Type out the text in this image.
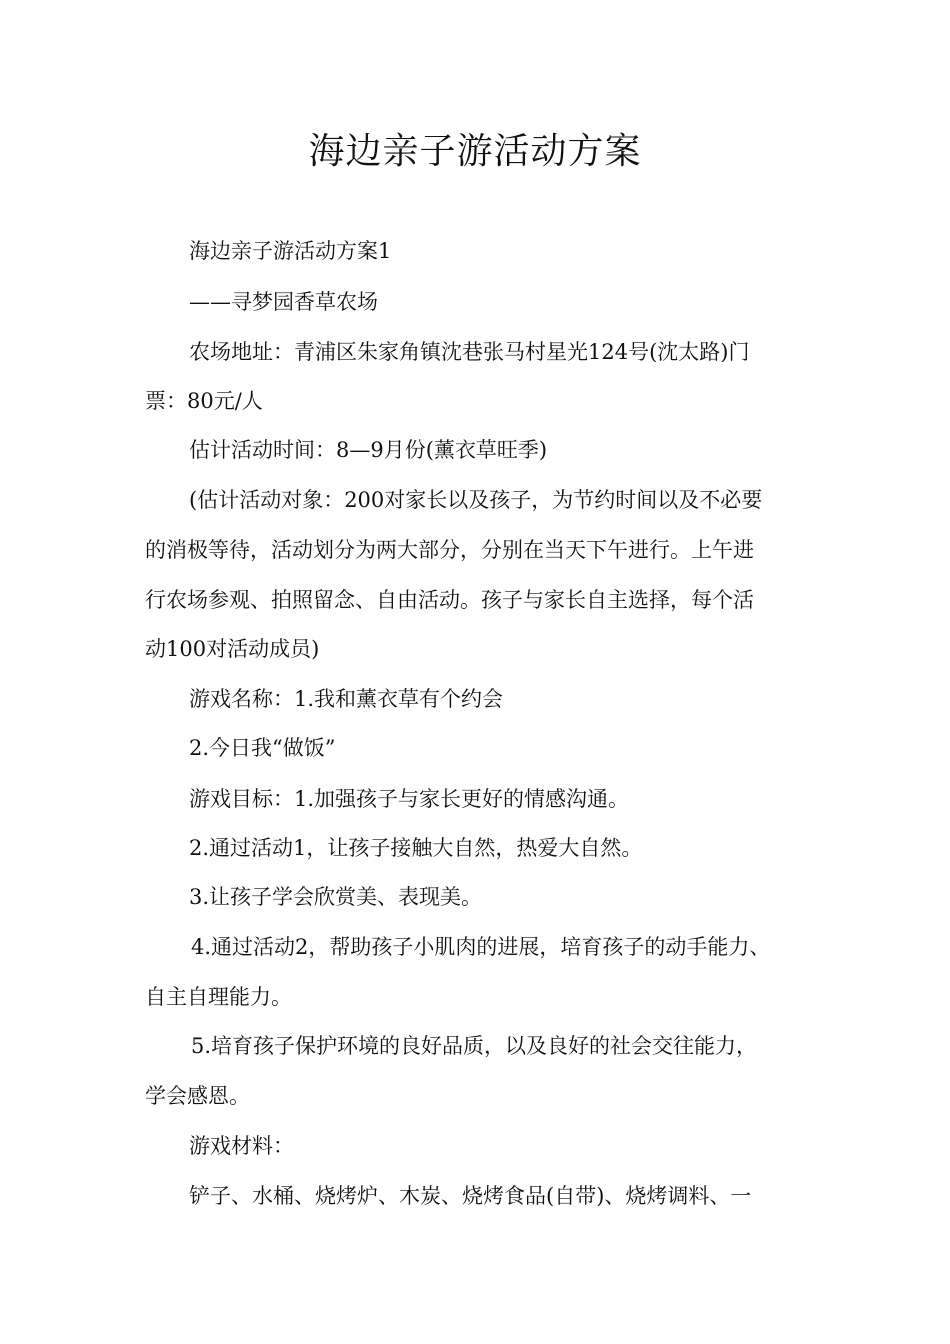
海边亲子游活动方案

海边亲子游活动方案1

——寻梦园香草农场

农场地址：青浦区朱家角镇沈巷张马村星光124号(沈太路)门

票：80元/人

估计活动时间：8—9月份(薰衣草旺季)

(估计活动对象：200对家长以及孩子，为节约时间以及不必要

的消极等待，活动划分为两大部分，分别在当天下午进行。上午进

行农场参观、拍照留念、自由活动。孩子与家长自主选择，每个活

动100对活动成员)

游戏名称：1.我和薰衣草有个约会

2.今日我“做饭”

游戏目标：1.加强孩子与家长更好的情感沟通。

2.通过活动1，让孩子接触大自然，热爱大自然。

3.让孩子学会欣赏美、表现美。

4.通过活动2，帮助孩子小肌肉的进展，培育孩子的动手能力、

自主自理能力。

5.培育孩子保护环境的良好品质，以及良好的社会交往能力，

学会感恩。

游戏材料：

铲子、水桶、烧烤炉、木炭、烧烤食品(自带)、烧烤调料、一
